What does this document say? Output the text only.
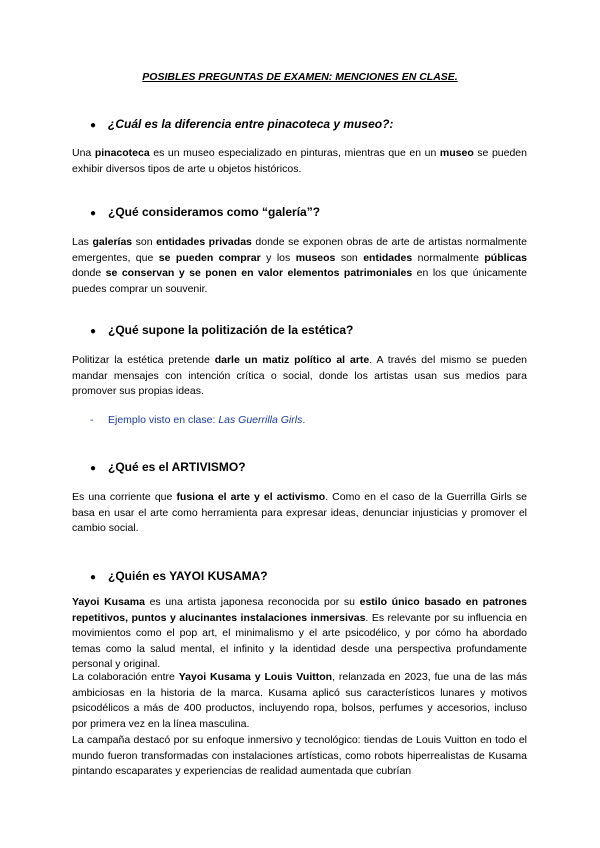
POSIBLES PREGUNTAS DE EXAMEN: MENCIONES EN CLASE.
● ¿Cuál es la diferencia entre pinacoteca y museo?:
Una pinacoteca es un museo especializado en pinturas, mientras que en un museo se pueden exhibir diversos tipos de arte u objetos históricos.
● ¿Qué consideramos como “galería”?
Las galerías son entidades privadas donde se exponen obras de arte de artistas normalmente emergentes, que se pueden comprar y los museos son entidades normalmente públicas donde se conservan y se ponen en valor elementos patrimoniales en los que únicamente puedes comprar un souvenir.
● ¿Qué supone la politización de la estética?
Politizar la estética pretende darle un matiz político al arte. A través del mismo se pueden mandar mensajes con intención crítica o social, donde los artistas usan sus medios para promover sus propias ideas.
- Ejemplo visto en clase: Las Guerrilla Girls.
● ¿Qué es el ARTIVISMO?
Es una corriente que fusiona el arte y el activismo. Como en el caso de la Guerrilla Girls se basa en usar el arte como herramienta para expresar ideas, denunciar injusticias y promover el cambio social.
● ¿Quién es YAYOI KUSAMA?
Yayoi Kusama es una artista japonesa reconocida por su estilo único basado en patrones repetitivos, puntos y alucinantes instalaciones inmersivas. Es relevante por su influencia en movimientos como el pop art, el minimalismo y el arte psicodélico, y por cómo ha abordado temas como la salud mental, el infinito y la identidad desde una perspectiva profundamente personal y original.
La colaboración entre Yayoi Kusama y Louis Vuitton, relanzada en 2023, fue una de las más ambiciosas en la historia de la marca. Kusama aplicó sus característicos lunares y motivos psicodélicos a más de 400 productos, incluyendo ropa, bolsos, perfumes y accesorios, incluso por primera vez en la línea masculina.
La campaña destacó por su enfoque inmersivo y tecnológico: tiendas de Louis Vuitton en todo el mundo fueron transformadas con instalaciones artísticas, como robots hiperrealistas de Kusama pintando escaparates y experiencias de realidad aumentada que cubrían
